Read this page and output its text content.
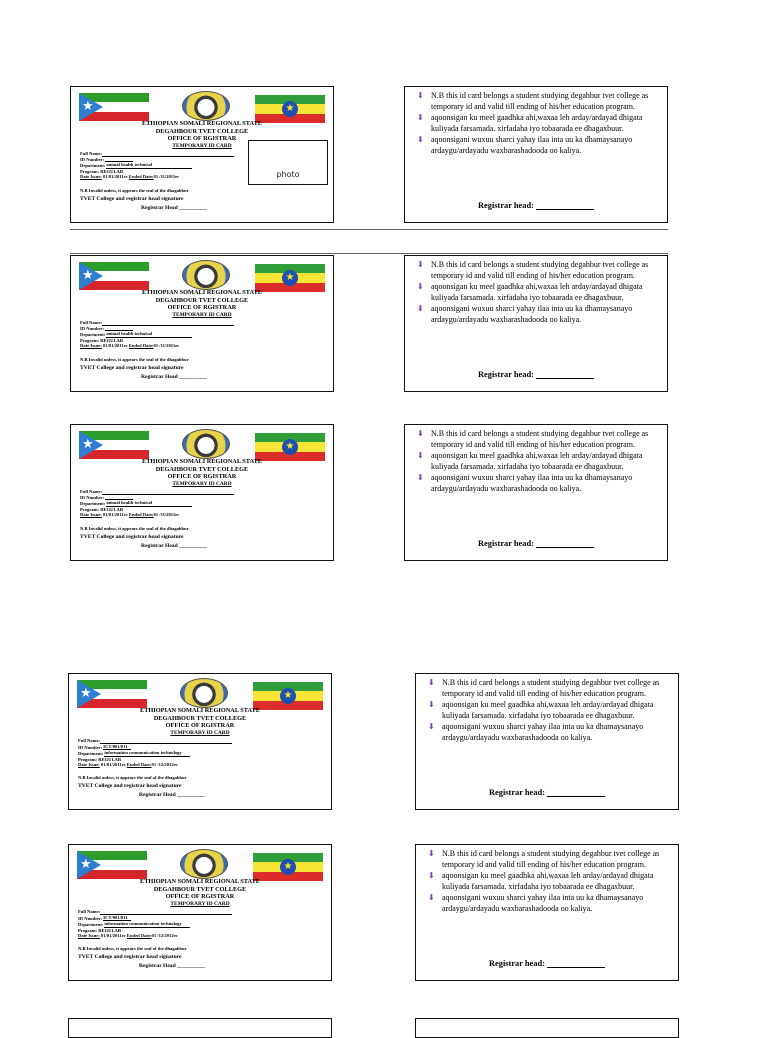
★	★
ETHIOPIAN SOMALI REGIONAL STATE
DEGAHBOUR TVET COLLEGE
OFFICE OF RGISTRAR
TEMPORARY ID CARD
Full Name:
ID Number:
Department: animal health technical
Program: REGULAR
Date Issue: 01/01/2011ec Ended Date:01 /11/2011ec
N.B Invalid unless, it appears the seal of the dhagahbur
TVET College and registrar head signature
Registrar Head __________
photo
⬇ N.B this id card belongs a student studying degahbur tvet college as temporary id and valid till ending of his/her education program.
⬇ aqoonsigan ku meel gaadhka ahi,waxaa leh arday/ardayad dhigata kuliyada farsamada. xirfadaha iyo tobaarada ee dhagaxbuur.
⬇ aqoonsigani wuxuu sharci yahay ilaa inta uu ka dhamaysanayo ardaygu/ardayadu waxbarashadooda oo kaliya.
Registrar head:
★	★
ETHIOPIAN SOMALI REGIONAL STATE
DEGAHBOUR TVET COLLEGE
OFFICE OF RGISTRAR
TEMPORARY ID CARD
Full Name:
ID Number:
Department: animal health technical
Program: REGULAR
Date Issue: 01/01/2011ec Ended Date:01 /11/2011ec
N.B Invalid unless, it appears the seal of the dhagahbur
TVET College and registrar head signature
Registrar Head __________
⬇ N.B this id card belongs a student studying degahbur tvet college as temporary id and valid till ending of his/her education program.
⬇ aqoonsigan ku meel gaadhka ahi,waxaa leh arday/ardayad dhigata kuliyada farsamada. xirfadaha iyo tobaarada ee dhagaxbuur.
⬇ aqoonsigani wuxuu sharci yahay ilaa inta uu ka dhamaysanayo ardaygu/ardayadu waxbarashadooda oo kaliya.
Registrar head:
★	★
ETHIOPIAN SOMALI REGIONAL STATE
DEGAHBOUR TVET COLLEGE
OFFICE OF RGISTRAR
TEMPORARY ID CARD
Full Name:
ID Number:
Department: animal health technical
Program: REGULAR
Date Issue: 01/01/2011ec Ended Date:01 /11/2011ec
N.B Invalid unless, it appears the seal of the dhagahbur
TVET College and registrar head signature
Registrar Head __________
⬇ N.B this id card belongs a student studying degahbur tvet college as temporary id and valid till ending of his/her education program.
⬇ aqoonsigan ku meel gaadhka ahi,waxaa leh arday/ardayad dhigata kuliyada farsamada. xirfadaha iyo tobaarada ee dhagaxbuur.
⬇ aqoonsigani wuxuu sharci yahay ilaa inta uu ka dhamaysanayo ardaygu/ardayadu waxbarashadooda oo kaliya.
Registrar head:
★	★
ETHIOPIAN SOMALI REGIONAL STATE
DEGAHBOUR TVET COLLEGE
OFFICE OF RGISTRAR
TEMPORARY ID CARD
Full Name:
ID Number: ICT/001/011
Department: information communication technology
Program: REGULAR
Date Issue: 01/01/2011ec Ended Date:01 /12/2012ec
N.B Invalid unless, it appears the seal of the dhagahbur
TVET College and registrar head signature
Registrar Head __________
⬇ N.B this id card belongs a student studying degahbur tvet college as temporary id and valid till ending of his/her education program.
⬇ aqoonsigan ku meel gaadhka ahi,waxaa leh arday/ardayad dhigata kuliyada farsamada. xirfadaha iyo tobaarada ee dhagaxbuur.
⬇ aqoonsigani wuxuu sharci yahay ilaa inta uu ka dhamaysanayo ardaygu/ardayadu waxbarashadooda oo kaliya.
Registrar head:
★	★
ETHIOPIAN SOMALI REGIONAL STATE
DEGAHBOUR TVET COLLEGE
OFFICE OF RGISTRAR
TEMPORARY ID CARD
Full Name:
ID Number: ICT/001/011
Department: information communication technology
Program: REGULAR
Date Issue: 01/01/2011ec Ended Date:01 /12/2012ec
N.B Invalid unless, it appears the seal of the dhagahbur
TVET College and registrar head signature
Registrar Head __________
⬇ N.B this id card belongs a student studying degahbur tvet college as temporary id and valid till ending of his/her education program.
⬇ aqoonsigan ku meel gaadhka ahi,waxaa leh arday/ardayad dhigata kuliyada farsamada. xirfadaha iyo tobaarada ee dhagaxbuur.
⬇ aqoonsigani wuxuu sharci yahay ilaa inta uu ka dhamaysanayo ardaygu/ardayadu waxbarashadooda oo kaliya.
Registrar head:
